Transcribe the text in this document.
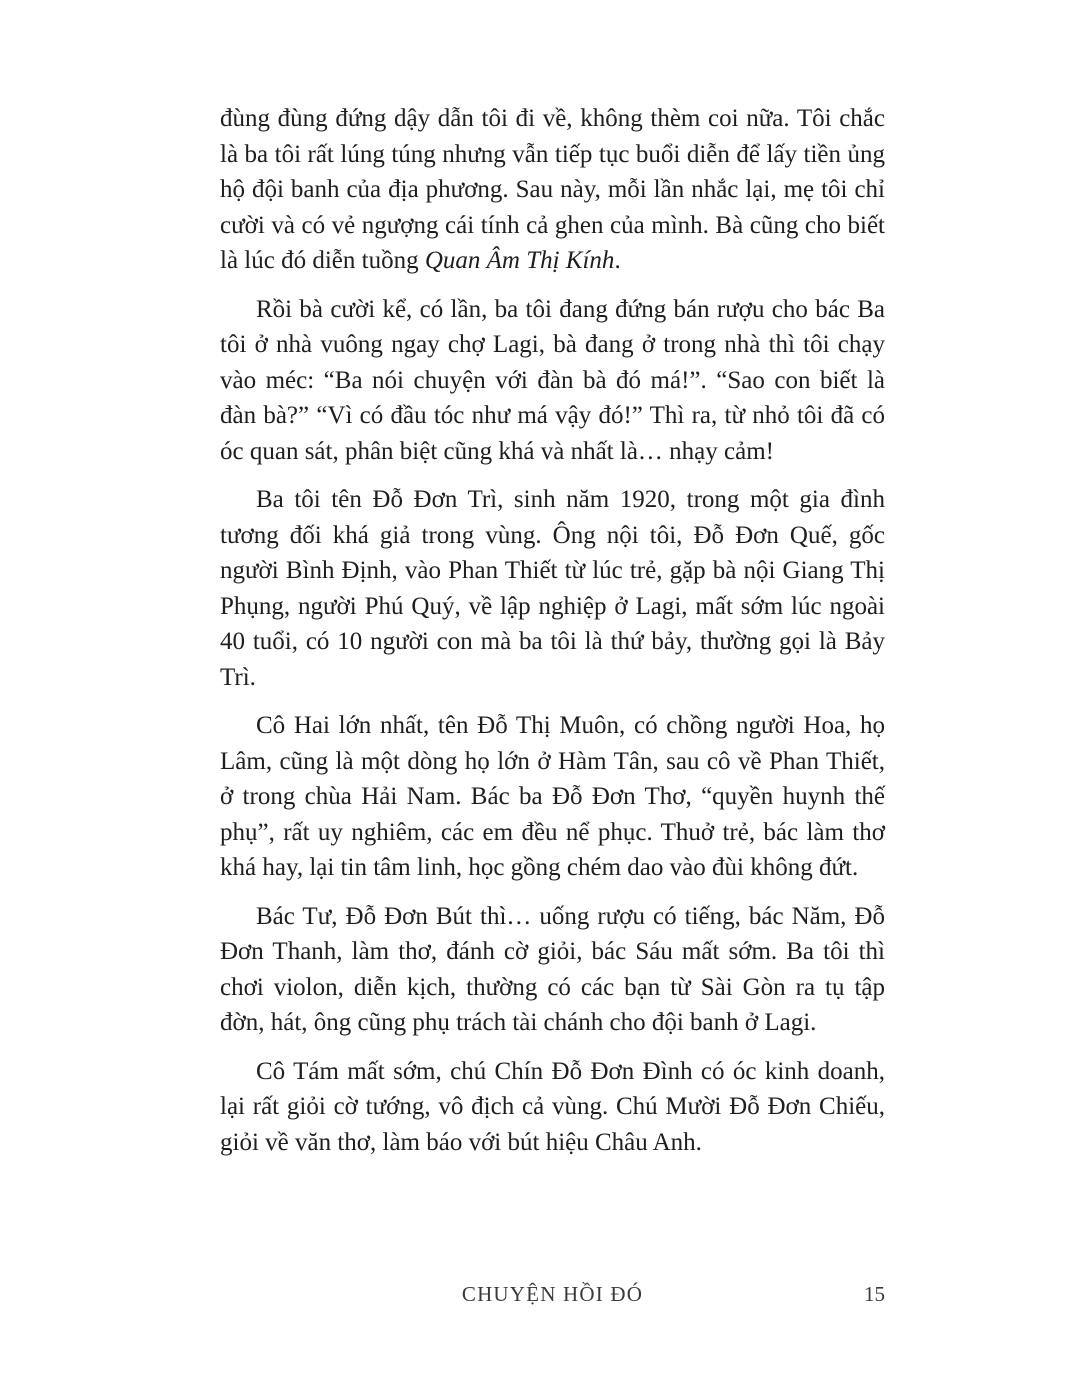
đùng đùng đứng dậy dẫn tôi đi về, không thèm coi nữa. Tôi chắc là ba tôi rất lúng túng nhưng vẫn tiếp tục buổi diễn để lấy tiền ủng hộ đội banh của địa phương. Sau này, mỗi lần nhắc lại, mẹ tôi chỉ cười và có vẻ ngượng cái tính cả ghen của mình. Bà cũng cho biết là lúc đó diễn tuồng Quan Âm Thị Kính.

Rồi bà cười kể, có lần, ba tôi đang đứng bán rượu cho bác Ba tôi ở nhà vuông ngay chợ Lagi, bà đang ở trong nhà thì tôi chạy vào méc: “Ba nói chuyện với đàn bà đó má!”. “Sao con biết là đàn bà?” “Vì có đầu tóc như má vậy đó!” Thì ra, từ nhỏ tôi đã có óc quan sát, phân biệt cũng khá và nhất là… nhạy cảm!

Ba tôi tên Đỗ Đơn Trì, sinh năm 1920, trong một gia đình tương đối khá giả trong vùng. Ông nội tôi, Đỗ Đơn Quế, gốc người Bình Định, vào Phan Thiết từ lúc trẻ, gặp bà nội Giang Thị Phụng, người Phú Quý, về lập nghiệp ở Lagi, mất sớm lúc ngoài 40 tuổi, có 10 người con mà ba tôi là thứ bảy, thường gọi là Bảy Trì.

Cô Hai lớn nhất, tên Đỗ Thị Muôn, có chồng người Hoa, họ Lâm, cũng là một dòng họ lớn ở Hàm Tân, sau cô về Phan Thiết, ở trong chùa Hải Nam. Bác ba Đỗ Đơn Thơ, “quyền huynh thế phụ”, rất uy nghiêm, các em đều nể phục. Thuở trẻ, bác làm thơ khá hay, lại tin tâm linh, học gồng chém dao vào đùi không đứt.

Bác Tư, Đỗ Đơn Bút thì… uống rượu có tiếng, bác Năm, Đỗ Đơn Thanh, làm thơ, đánh cờ giỏi, bác Sáu mất sớm. Ba tôi thì chơi violon, diễn kịch, thường có các bạn từ Sài Gòn ra tụ tập đờn, hát, ông cũng phụ trách tài chánh cho đội banh ở Lagi.

Cô Tám mất sớm, chú Chín Đỗ Đơn Đình có óc kinh doanh, lại rất giỏi cờ tướng, vô địch cả vùng. Chú Mười Đỗ Đơn Chiếu, giỏi về văn thơ, làm báo với bút hiệu Châu Anh.

CHUYỆN HỒI ĐÓ	15
